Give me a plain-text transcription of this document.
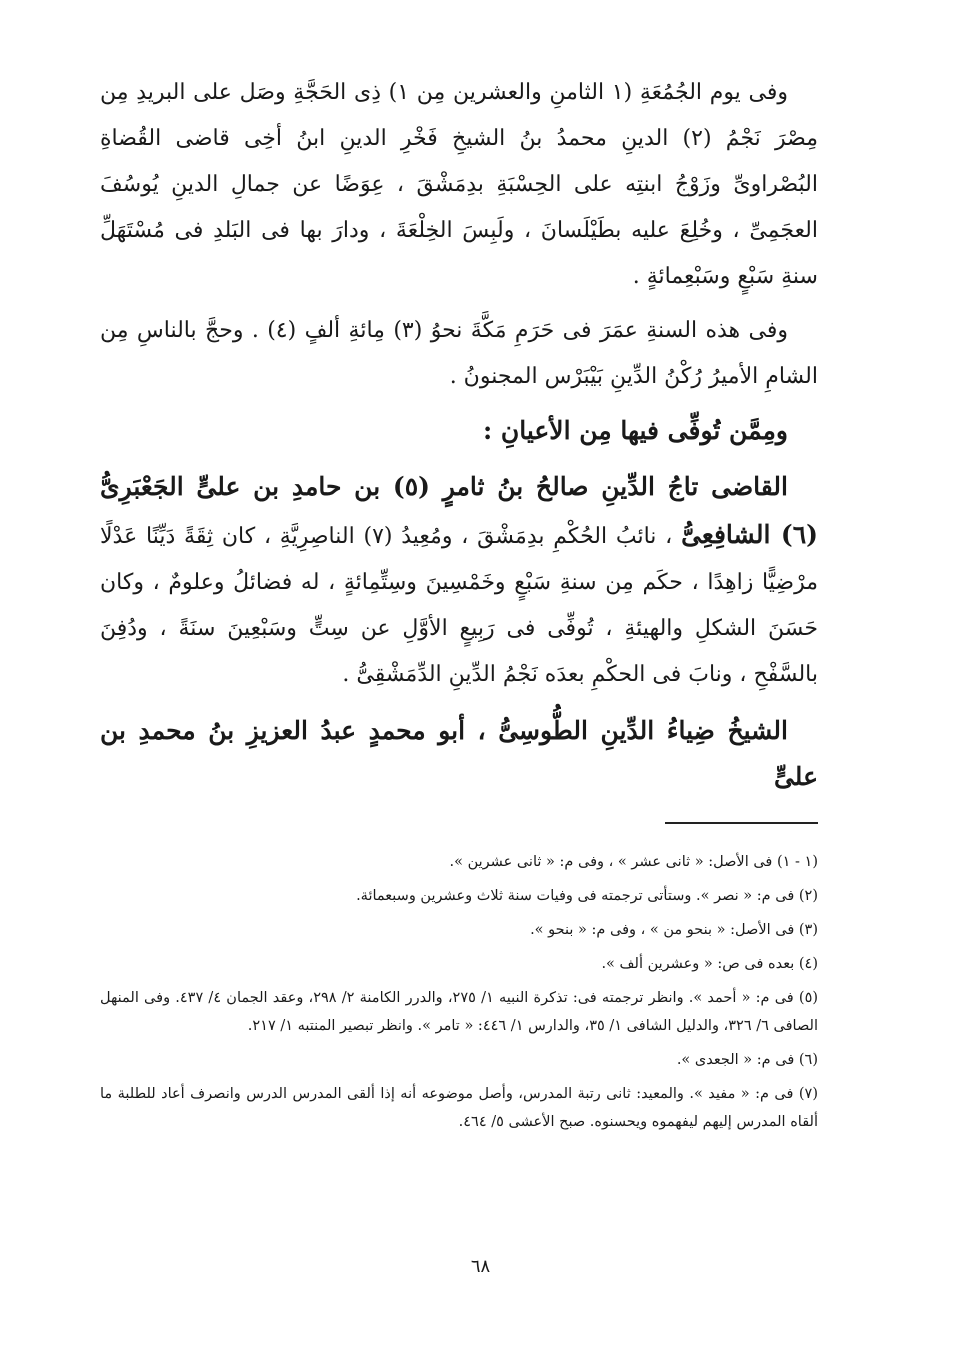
وفى يوم الجُمُعَةِ (١ الثامنِ والعشرين مِن ١) ذِى الحَجَّةِ وصَل على البريدِ مِن مِصْرَ نَجْمُ (٢) الدينِ محمدُ بنُ الشيخِ فَخْرِ الدينِ ابنُ أخِى قاضى القُضاةِ البُصْراوىِّ وزَوْجُ ابنتِه على الحِسْبَةِ بدِمَشْقَ ، عِوَضًا عن جمالِ الدينِ يُوسُفَ العجَمِىِّ ، وخُلِعَ عليه بطَيْلَسانَ ، ولَبِسَ الخِلْعَةَ ، ودارَ بها فى البَلدِ فى مُسْتَهَلِّ سنةِ سَبْعٍ وسَبْعِمائةٍ .

وفى هذه السنةِ عمَرَ فى حَرَمِ مَكَّةَ نحوُ (٣) مِائةِ ألفٍ (٤) . وحجَّ بالناسِ مِن الشامِ الأميرُ رُكْنُ الدِّينِ بَيْبَرْس المجنونُ .

ومِمَّن تُوفِّى فيها مِن الأعيانِ :

القاضى تاجُ الدِّينِ صالحُ بنُ ثامرٍ (٥) بن حامدِ بن علىٍّ الجَعْبَرِىُّ (٦) الشافِعِىُّ ، نائبُ الحُكْمِ بدِمَشْقَ ، ومُعِيدُ (٧) الناصِرِيَّةِ ، كان ثِقَةً دَيِّنًا عَدْلًا مرْضِيًّا زاهِدًا ، حكَم مِن سنةِ سَبْعٍ وخَمْسِينَ وسِتِّمِائةٍ ، له فضائلُ وعلومٌ ، وكان حَسَنَ الشكلِ والهيئةِ ، تُوفِّى فى رَبِيعٍ الأوَّلِ عن سِتٍّ وسَبْعِينَ سنَةً ، ودُفِنَ بالسَّفْحِ ، ونابَ فى الحكْمِ بعدَه نَجْمُ الدِّينِ الدِّمَشْقِىُّ .

الشيخُ ضِياءُ الدِّينِ الطُّوسِىُّ ، أبو محمدٍ عبدُ العزيزِ بنُ محمدِ بن علىٍّ

(١ - ١) فى الأصل: « ثانى عشر » ، وفى م: « ثانى عشرين ».

(٢) فى م: « نصر ». وستأتى ترجمته فى وفيات سنة ثلاث وعشرين وسبعمائة.

(٣) فى الأصل: « بنحو من » ، وفى م: « بنحو ».

(٤) بعده فى ص: « وعشرين ألف ».

(٥) فى م: « أحمد ». وانظر ترجمته فى: تذكرة النبيه ١/ ٢٧٥، والدرر الكامنة ٢/ ٢٩٨، وعقد الجمان ٤/ ٤٣٧. وفى المنهل الصافى ٦/ ٣٢٦، والدليل الشافى ١/ ٣٥، والدارس ١/ ٤٤٦: « تامر ». وانظر تبصير المنتبه ١/ ٢١٧.

(٦) فى م: « الجعدى ».

(٧) فى م: « مفيد ». والمعيد: ثانى رتبة المدرس، وأصل موضوعه أنه إذا ألقى المدرس الدرس وانصرف أعاد للطلبة ما ألقاه المدرس إليهم ليفهموه ويحسنوه. صبح الأعشى ٥/ ٤٦٤.

٦٨
